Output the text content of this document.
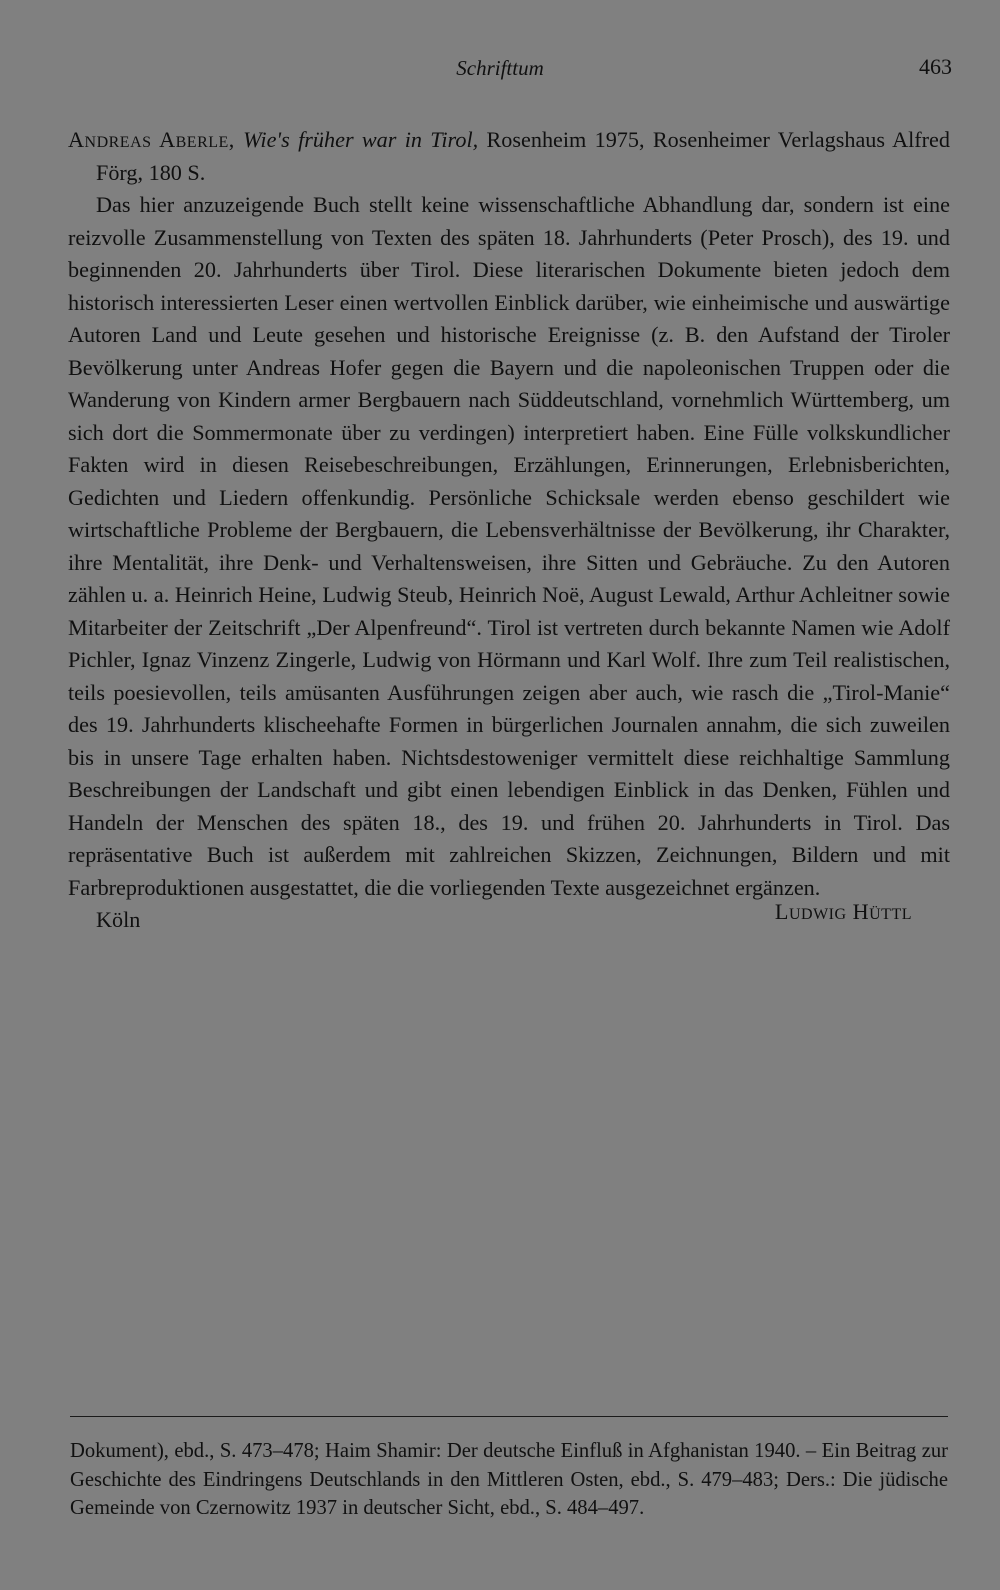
Schrifttum	463

Andreas Aberle, Wie's früher war in Tirol, Rosenheim 1975, Rosenheimer Verlagshaus Alfred Förg, 180 S.

Das hier anzuzeigende Buch stellt keine wissenschaftliche Abhandlung dar, sondern ist eine reizvolle Zusammenstellung von Texten des späten 18. Jahrhunderts (Peter Prosch), des 19. und beginnenden 20. Jahrhunderts über Tirol. Diese literarischen Dokumente bieten jedoch dem historisch interessierten Leser einen wertvollen Einblick darüber, wie einheimische und auswärtige Autoren Land und Leute gesehen und historische Ereignisse (z. B. den Aufstand der Tiroler Bevölkerung unter Andreas Hofer gegen die Bayern und die napoleonischen Truppen oder die Wanderung von Kindern armer Bergbauern nach Süddeutschland, vornehmlich Württemberg, um sich dort die Sommermonate über zu verdingen) interpretiert haben. Eine Fülle volkskundlicher Fakten wird in diesen Reisebeschreibungen, Erzählungen, Erinnerungen, Erlebnisberichten, Gedichten und Liedern offenkundig. Persönliche Schicksale werden ebenso geschildert wie wirtschaftliche Probleme der Bergbauern, die Lebensverhältnisse der Bevölkerung, ihr Charakter, ihre Mentalität, ihre Denk- und Verhaltensweisen, ihre Sitten und Gebräuche. Zu den Autoren zählen u. a. Heinrich Heine, Ludwig Steub, Heinrich Noë, August Lewald, Arthur Achleitner sowie Mitarbeiter der Zeitschrift „Der Alpenfreund“. Tirol ist vertreten durch bekannte Namen wie Adolf Pichler, Ignaz Vinzenz Zingerle, Ludwig von Hörmann und Karl Wolf. Ihre zum Teil realistischen, teils poesievollen, teils amüsanten Ausführungen zeigen aber auch, wie rasch die „Tirol-Manie“ des 19. Jahrhunderts klischeehafte Formen in bürgerlichen Journalen annahm, die sich zuweilen bis in unsere Tage erhalten haben. Nichtsdestoweniger vermittelt diese reichhaltige Sammlung Beschreibungen der Landschaft und gibt einen lebendigen Einblick in das Denken, Fühlen und Handeln der Menschen des späten 18., des 19. und frühen 20. Jahrhunderts in Tirol. Das repräsentative Buch ist außerdem mit zahlreichen Skizzen, Zeichnungen, Bildern und mit Farbreproduktionen ausgestattet, die die vorliegenden Texte ausgezeichnet ergänzen.

Köln	Ludwig Hüttl

Dokument), ebd., S. 473–478; Haim Shamir: Der deutsche Einfluß in Afghanistan 1940. – Ein Beitrag zur Geschichte des Eindringens Deutschlands in den Mittleren Osten, ebd., S. 479–483; Ders.: Die jüdische Gemeinde von Czernowitz 1937 in deutscher Sicht, ebd., S. 484–497.
